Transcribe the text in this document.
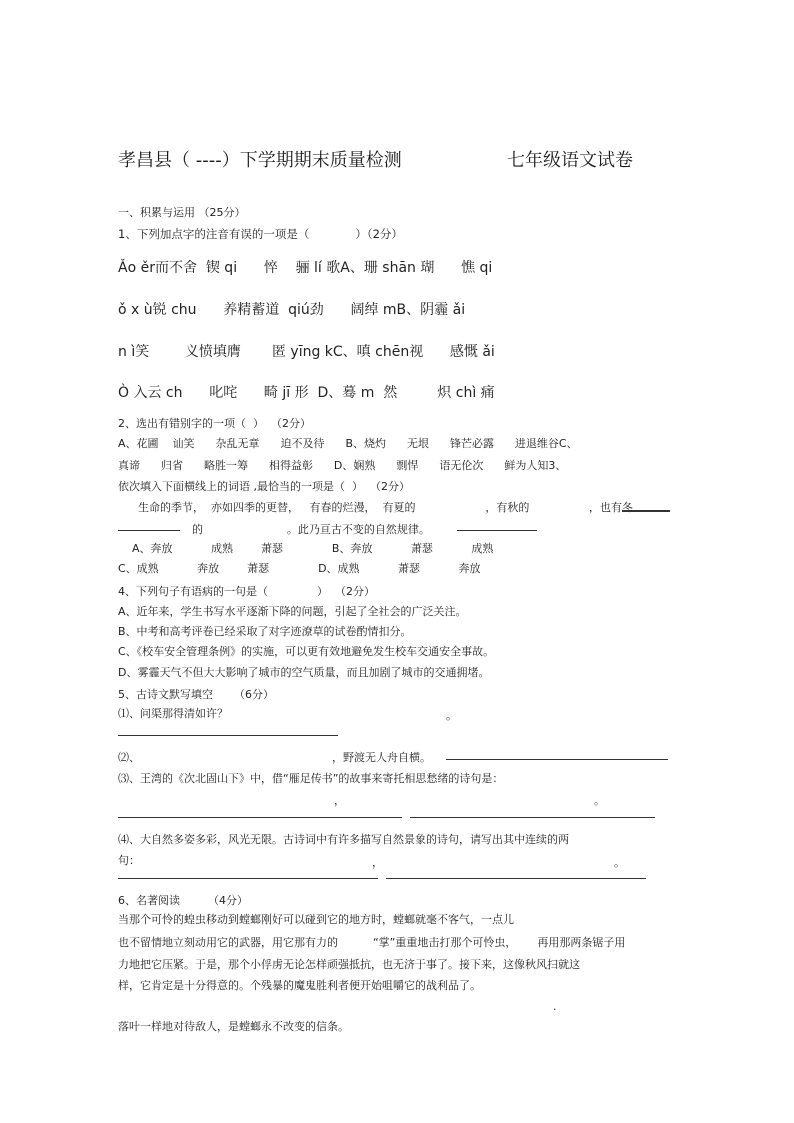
孝昌县（ ----）下学期期末质量检测	七年级语文试卷
一、积累与运用 （25分）
1、下列加点字的注音有误的一项是（　　　　）（2分）
Ǎo ěr而不舍  锲 qi      悴    骊 lí 歌A、珊 shān 瑚      憔 qi
ǒ x ù锐 chu      养精蓄道  qiú劲      阔绰 mB、阴霾 ǎi
n ì笑        义愤填膺       匿 yīng kC、嗔 chēn视      感慨 ǎi
Ò 入云 ch      叱咤      畸 jī 形  D、蓦 m  然         炽 chì 痛
2、选出有错别字的一项（  ）  （2分）
A、花圃    讪笑      杂乱无章      迫不及待      B、烧灼      无垠      锋芒必露      进退维谷C、
真谛      归省      略胜一筹      相得益彰      D、娴熟      剽悍      语无伦次      鲜为人知3、
依次填入下面横线上的词语 ,最恰当的一项是（  ）  （2分）
生命的季节，  亦如四季的更替，   有春的烂漫，  有夏的                    ，有秋的                 ，也有冬
的                        。此乃亘古不变的自然规律。
A、奔放           成熟        萧瑟              B、奔放           萧瑟           成熟
C、成熟           奔放        萧瑟              D、成熟           萧瑟           奔放
4、下列句子有语病的一句是（              ）  （2分）
A、近年来，学生书写水平逐渐下降的问题，引起了全社会的广泛关注。
B、中考和高考评卷已经采取了对字迹潦草的试卷酌情扣分。
C、《校车安全管理条例》的实施，可以更有效地避免发生校车交通安全事故。
D、雾霾天气不但大大影响了城市的空气质量，而且加剧了城市的交通拥堵。
5、古诗文默写填空      （6分）
⑴、问渠那得清如许？	。
⑵、	，野渡无人舟自横。
⑶、王湾的《次北固山下》中，借“雁足传书”的故事来寄托相思愁绪的诗句是：
，	。
⑷、大自然多姿多彩，风光无限。古诗词中有许多描写自然景象的诗句，请写出其中连续的两
句：	，	。
6、名著阅读        （4分）
当那个可怜的蝗虫移动到螳螂刚好可以碰到它的地方时，螳螂就毫不客气，一点儿
也不留情地立刻动用它的武器，用它那有力的          “掌”重重地击打那个可怜虫，      再用那两条锯子用
力地把它压紧。于是，那个小俘虏无论怎样顽强抵抗，也无济于事了。接下来，这像秋风扫就这
样，它肯定是十分得意的。个残暴的魔鬼胜利者便开始咀嚼它的战利品了。
.
落叶一样地对待敌人，是螳螂永不改变的信条。
